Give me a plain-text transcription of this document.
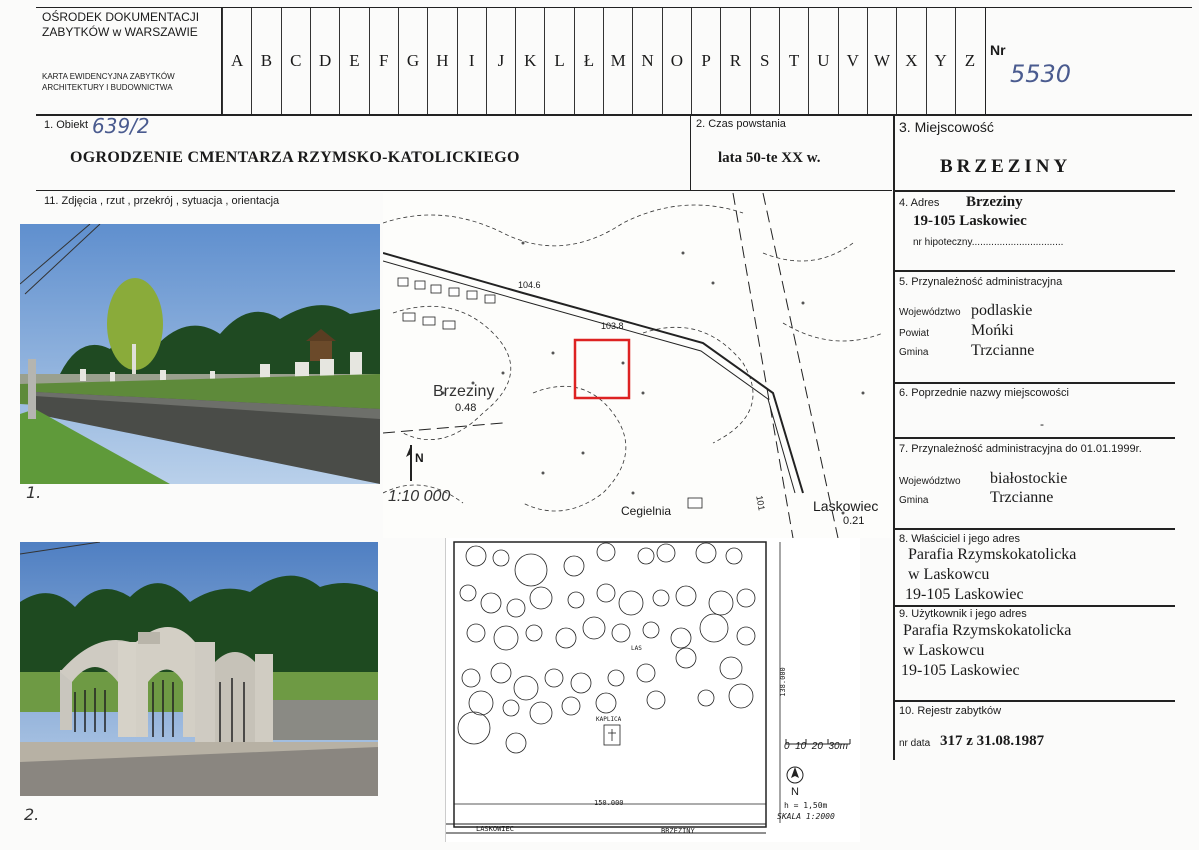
OŚRODEK DOKUMENTACJI
ZABYTKÓW w WARSZAWIE
KARTA EWIDENCYJNA ZABYTKÓW
ARCHITEKTURY I BUDOWNICTWA
A	B	C	D	E	F	G	H	I	J	K	L	Ł M N	O	P	R	S	T	U	V W X	Y	Z
Nr
5530
1. Obiekt 639/2
OGRODZENIE CMENTARZA RZYMSKO-KATOLICKIEGO
2. Czas powstania
lata 50-te XX w.
3. Miejscowość
BRZEZINY
11. Zdjęcia , rzut , przekrój , sytuacja , orientacja
1.
2.
104.6
103.8
Brzeziny
0.48
Cegielnia	101	Laskowiec
0.21
N
1:10 000
LAS
KAPLICA
138.000
150.000
LASKOWIEC	BRZEZINY
0  10  20  30m
N
h = 1,50m
SKALA 1:2000
4. Adres Brzeziny
19-105 Laskowiec
nr hipoteczny.................................
5. Przynależność administracyjna
Województwo podlaskie
Powiat	Mońki
Gmina	Trzcianne
6. Poprzednie nazwy miejscowości
-
7. Przynależność administracyjna do 01.01.1999r.
Województwo białostockie
Gmina	Trzcianne
8. Właściciel i jego adres
Parafia Rzymskokatolicka
w Laskowcu
19-105 Laskowiec
9. Użytkownik i jego adres
Parafia Rzymskokatolicka
w Laskowcu
19-105 Laskowiec
10. Rejestr zabytków
nr data 317 z 31.08.1987
